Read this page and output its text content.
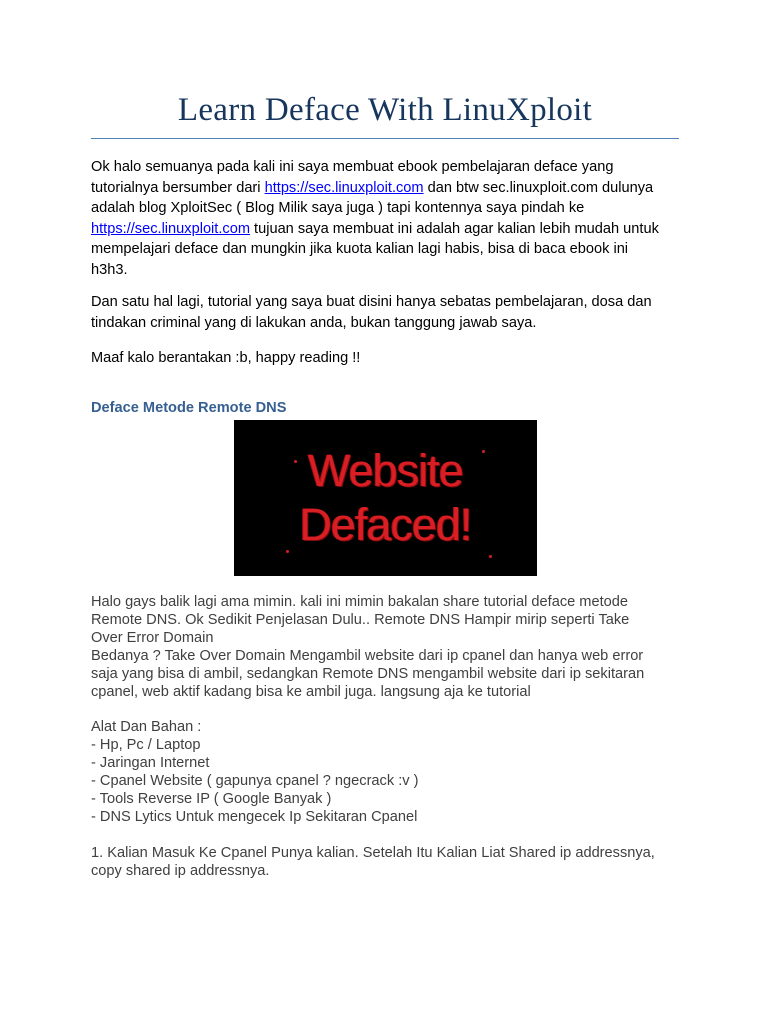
Learn Deface With LinuXploit

Ok halo semuanya pada kali ini saya membuat ebook pembelajaran deface yang
tutorialnya bersumber dari https://sec.linuxploit.com dan btw sec.linuxploit.com dulunya
adalah blog XploitSec ( Blog Milik saya juga ) tapi kontennya saya pindah ke
https://sec.linuxploit.com tujuan saya membuat ini adalah agar kalian lebih mudah untuk
mempelajari deface dan mungkin jika kuota kalian lagi habis, bisa di baca ebook ini
h3h3.

Dan satu hal lagi, tutorial yang saya buat disini hanya sebatas pembelajaran, dosa dan
tindakan criminal yang di lakukan anda, bukan tanggung jawab saya.

Maaf kalo berantakan :b, happy reading !!

Deface Metode Remote DNS
Website
Defaced!
Halo gays balik lagi ama mimin. kali ini mimin bakalan share tutorial deface metode
Remote DNS. Ok Sedikit Penjelasan Dulu.. Remote DNS Hampir mirip seperti Take
Over Error Domain
Bedanya ? Take Over Domain Mengambil website dari ip cpanel dan hanya web error
saja yang bisa di ambil, sedangkan Remote DNS mengambil website dari ip sekitaran
cpanel, web aktif kadang bisa ke ambil juga. langsung aja ke tutorial
Alat Dan Bahan :
- Hp, Pc / Laptop
- Jaringan Internet
- Cpanel Website ( gapunya cpanel ? ngecrack :v )
- Tools Reverse IP ( Google Banyak )
- DNS Lytics Untuk mengecek Ip Sekitaran Cpanel
1. Kalian Masuk Ke Cpanel Punya kalian. Setelah Itu Kalian Liat Shared ip addressnya,
copy shared ip addressnya.
